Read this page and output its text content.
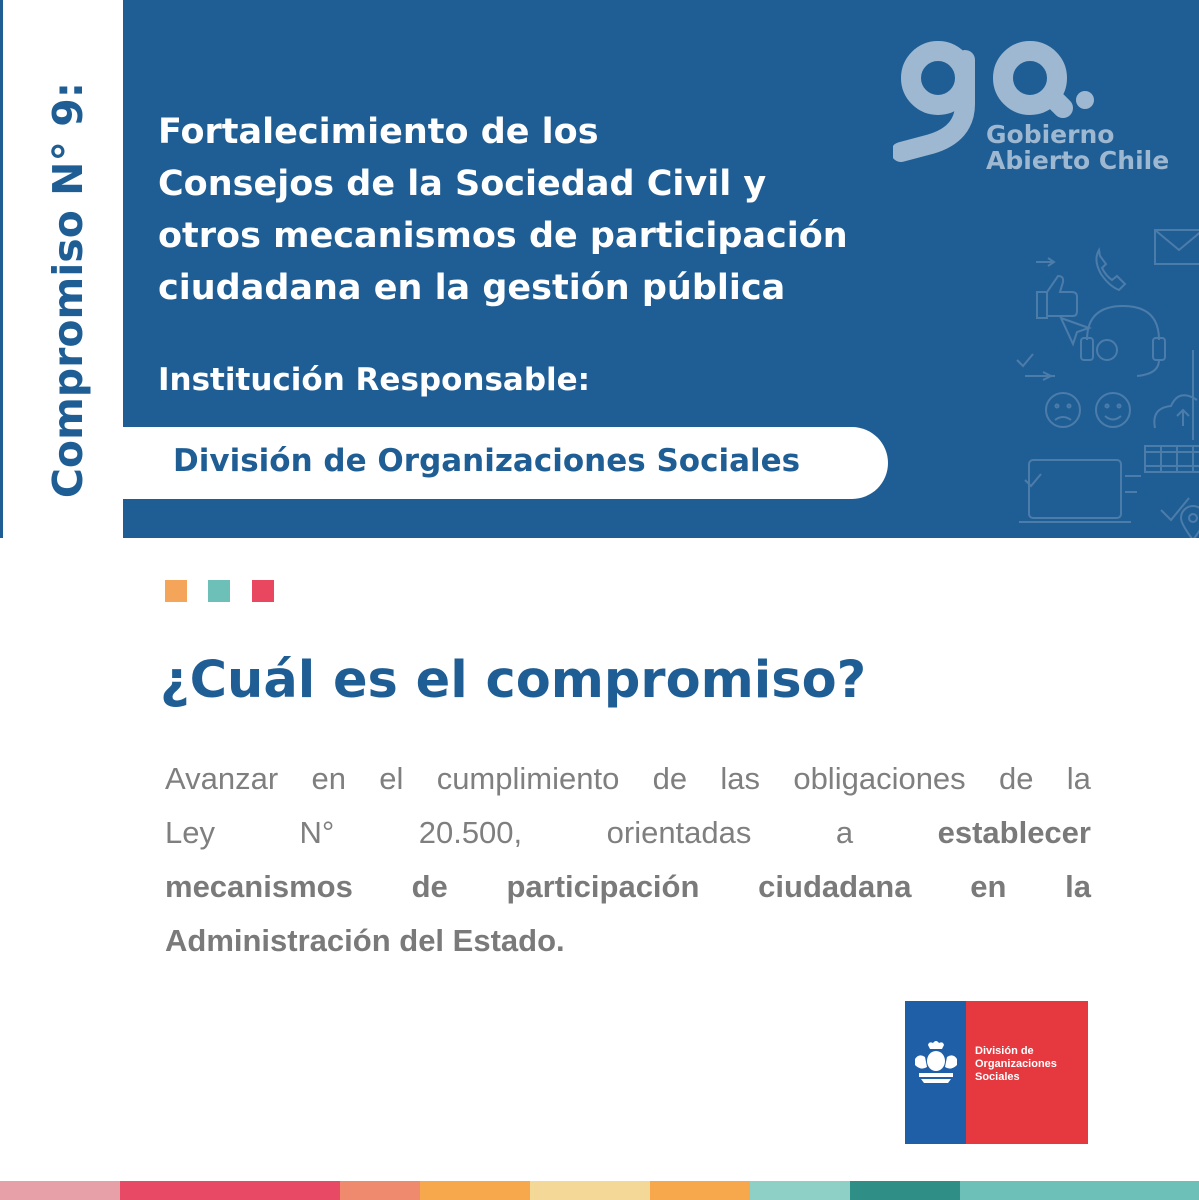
Compromiso N° 9:	Gobierno
Abierto Chile
Fortalecimiento de los
Consejos de la Sociedad Civil y
otros mecanismos de participación
ciudadana en la gestión pública
Institución Responsable:
División de Organizaciones Sociales
¿Cuál es el compromiso?
Avanzar en el cumplimiento de las obligaciones de la
Ley	N°	20.500,	orientadas	a	establecer
mecanismos de participación ciudadana en la
Administración del Estado.
División de
Organizaciones
Sociales
